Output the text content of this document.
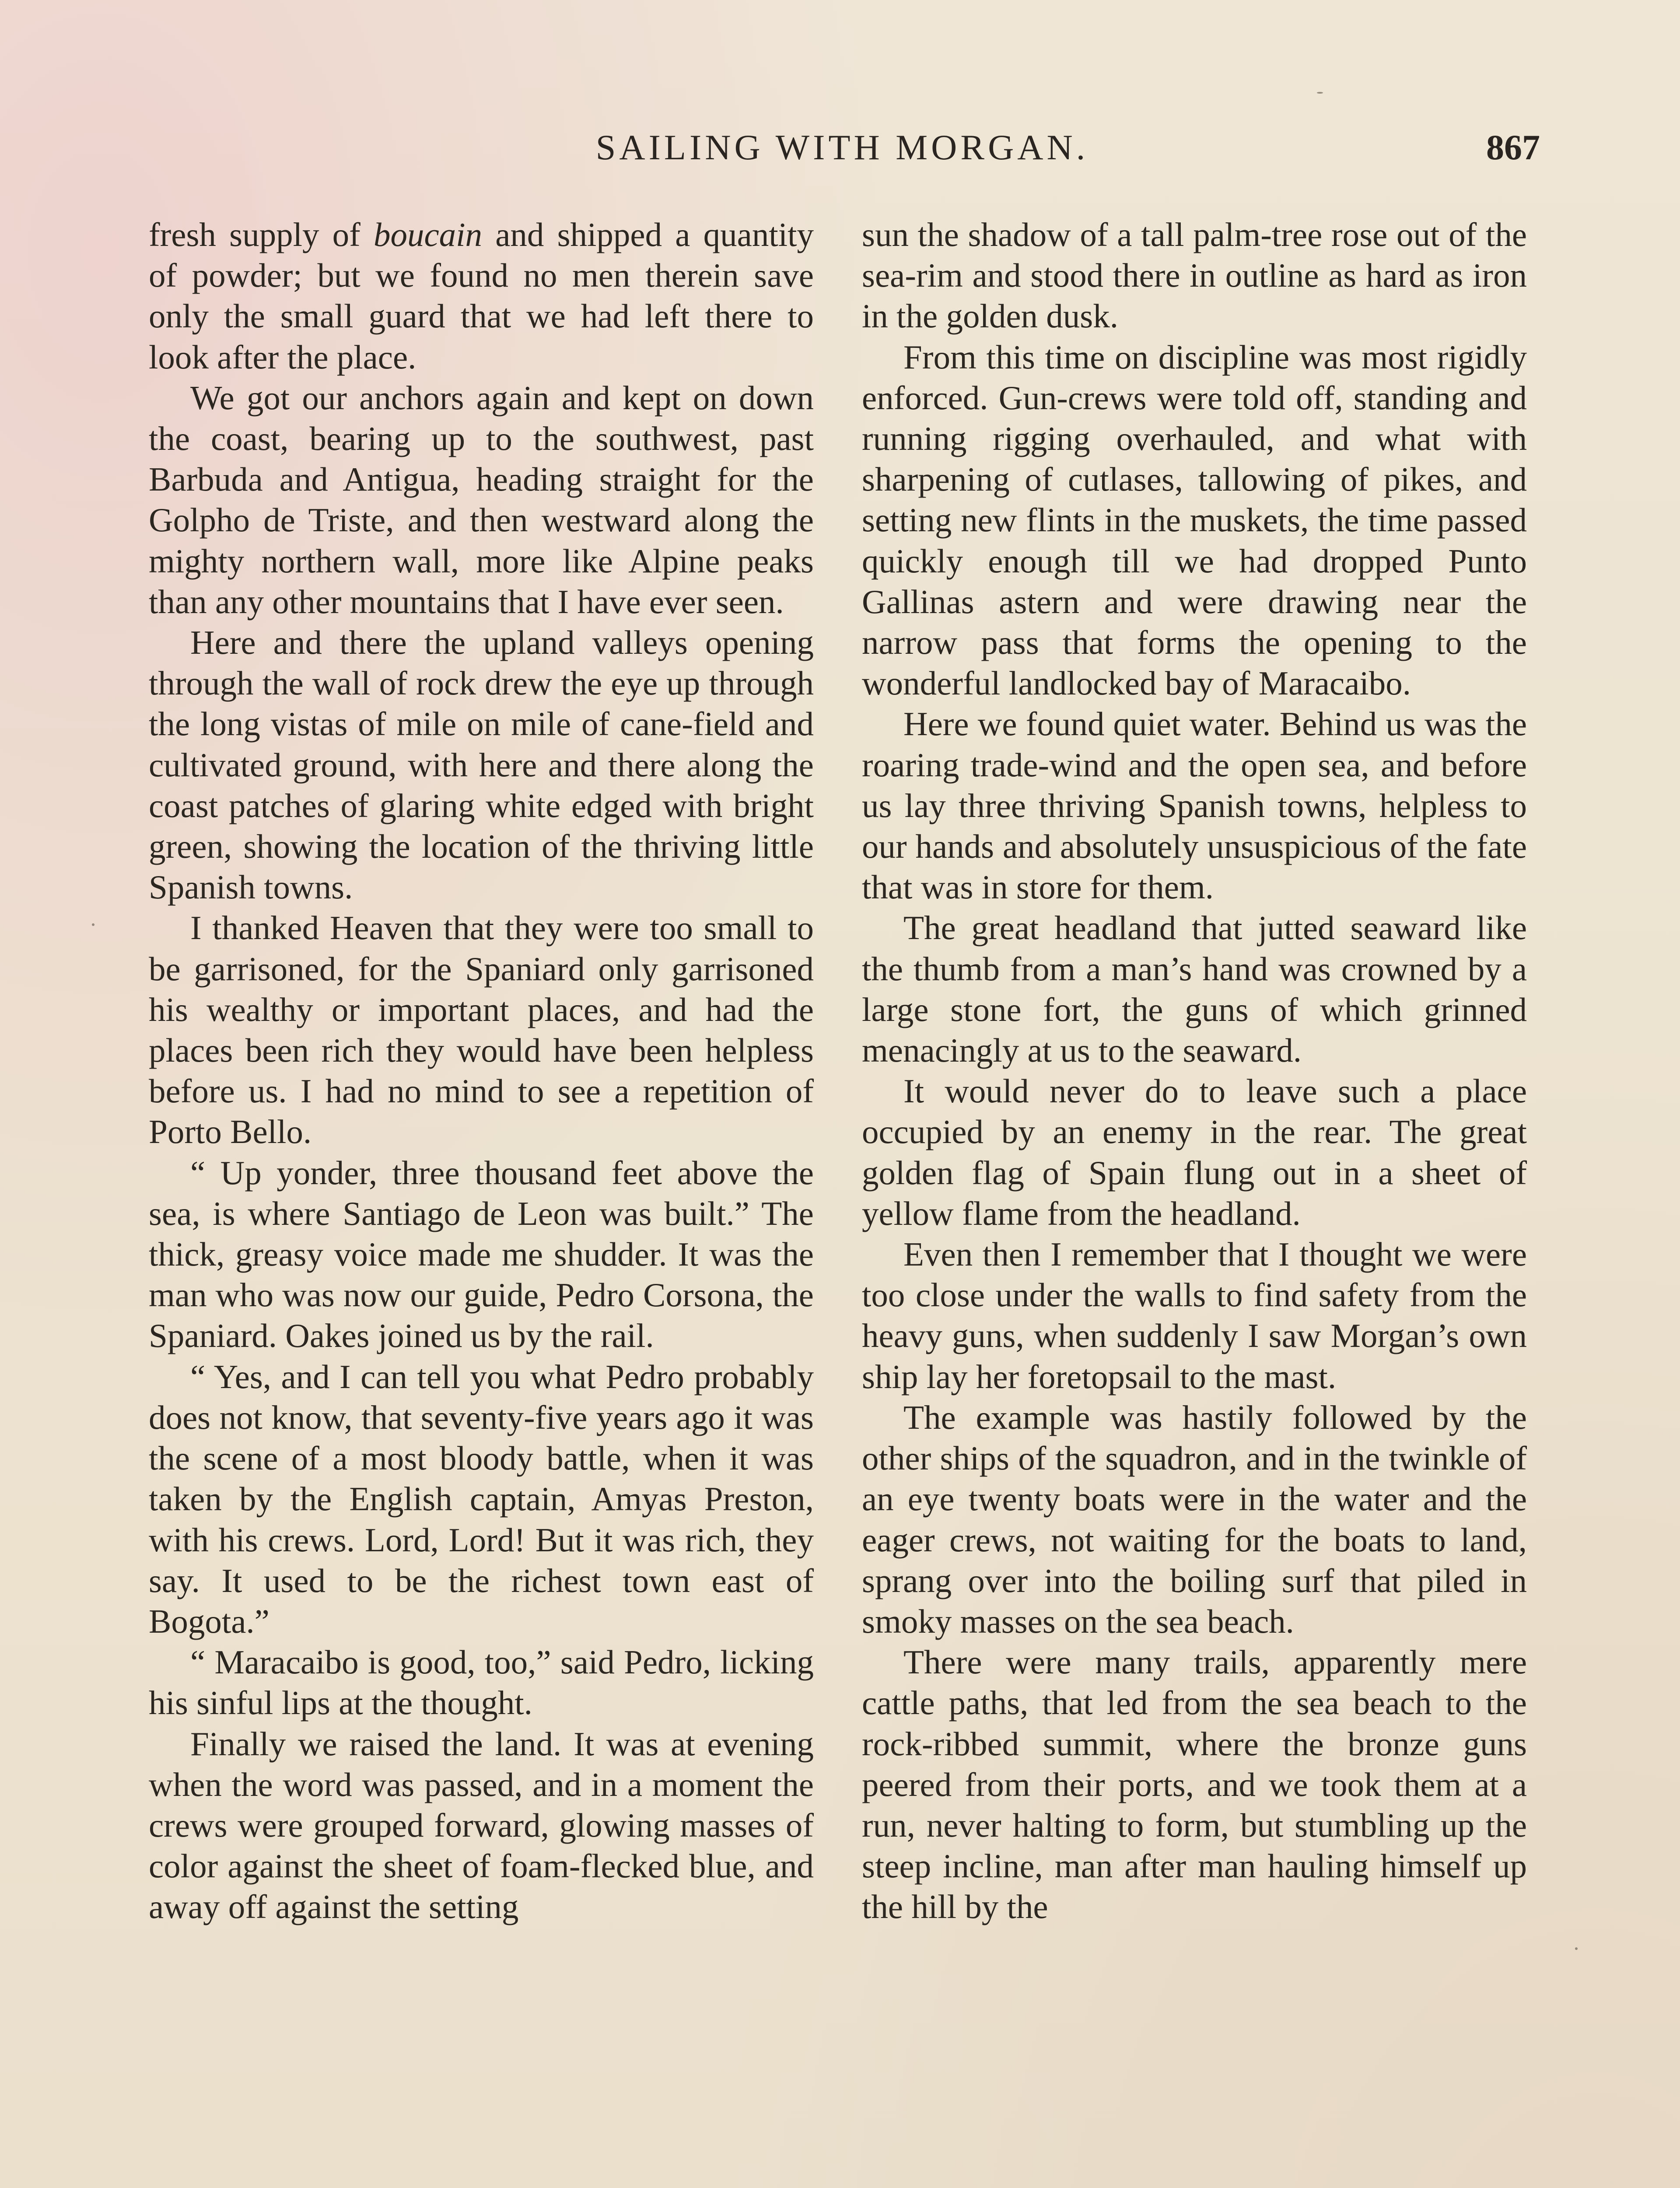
SAILING WITH MORGAN.	867

fresh supply of boucain and shipped a quantity of powder; but we found no men therein save only the small guard that we had left there to look after the place.

We got our anchors again and kept on down the coast, bearing up to the southwest, past Barbuda and Antigua, heading straight for the Golpho de Triste, and then westward along the mighty northern wall, more like Alpine peaks than any other mountains that I have ever seen.

Here and there the upland valleys opening through the wall of rock drew the eye up through the long vistas of mile on mile of cane-field and cultivated ground, with here and there along the coast patches of glaring white edged with bright green, showing the location of the thriving little Spanish towns.

I thanked Heaven that they were too small to be garrisoned, for the Spaniard only garrisoned his wealthy or important places, and had the places been rich they would have been helpless before us. I had no mind to see a repetition of Porto Bello.

“ Up yonder, three thousand feet above the sea, is where Santiago de Leon was built.” The thick, greasy voice made me shudder. It was the man who was now our guide, Pedro Corsona, the Spaniard. Oakes joined us by the rail.

“ Yes, and I can tell you what Pedro probably does not know, that seventy-five years ago it was the scene of a most bloody battle, when it was taken by the English captain, Amyas Preston, with his crews. Lord, Lord! But it was rich, they say. It used to be the richest town east of Bogota.”

“ Maracaibo is good, too,” said Pedro, licking his sinful lips at the thought.

Finally we raised the land. It was at evening when the word was passed, and in a moment the crews were grouped forward, glowing masses of color against the sheet of foam-flecked blue, and away off against the setting

sun the shadow of a tall palm-tree rose out of the sea-rim and stood there in outline as hard as iron in the golden dusk.

From this time on discipline was most rigidly enforced. Gun-crews were told off, standing and running rigging overhauled, and what with sharpening of cutlases, tallowing of pikes, and setting new flints in the muskets, the time passed quickly enough till we had dropped Punto Gallinas astern and were drawing near the narrow pass that forms the opening to the wonderful landlocked bay of Maracaibo.

Here we found quiet water. Behind us was the roaring trade-wind and the open sea, and before us lay three thriving Spanish towns, helpless to our hands and absolutely unsuspicious of the fate that was in store for them.

The great headland that jutted seaward like the thumb from a man’s hand was crowned by a large stone fort, the guns of which grinned menacingly at us to the seaward.

It would never do to leave such a place occupied by an enemy in the rear. The great golden flag of Spain flung out in a sheet of yellow flame from the headland.

Even then I remember that I thought we were too close under the walls to find safety from the heavy guns, when suddenly I saw Morgan’s own ship lay her foretopsail to the mast.

The example was hastily followed by the other ships of the squadron, and in the twinkle of an eye twenty boats were in the water and the eager crews, not waiting for the boats to land, sprang over into the boiling surf that piled in smoky masses on the sea beach.

There were many trails, apparently mere cattle paths, that led from the sea beach to the rock-ribbed summit, where the bronze guns peered from their ports, and we took them at a run, never halting to form, but stumbling up the steep incline, man after man hauling himself up the hill by the
